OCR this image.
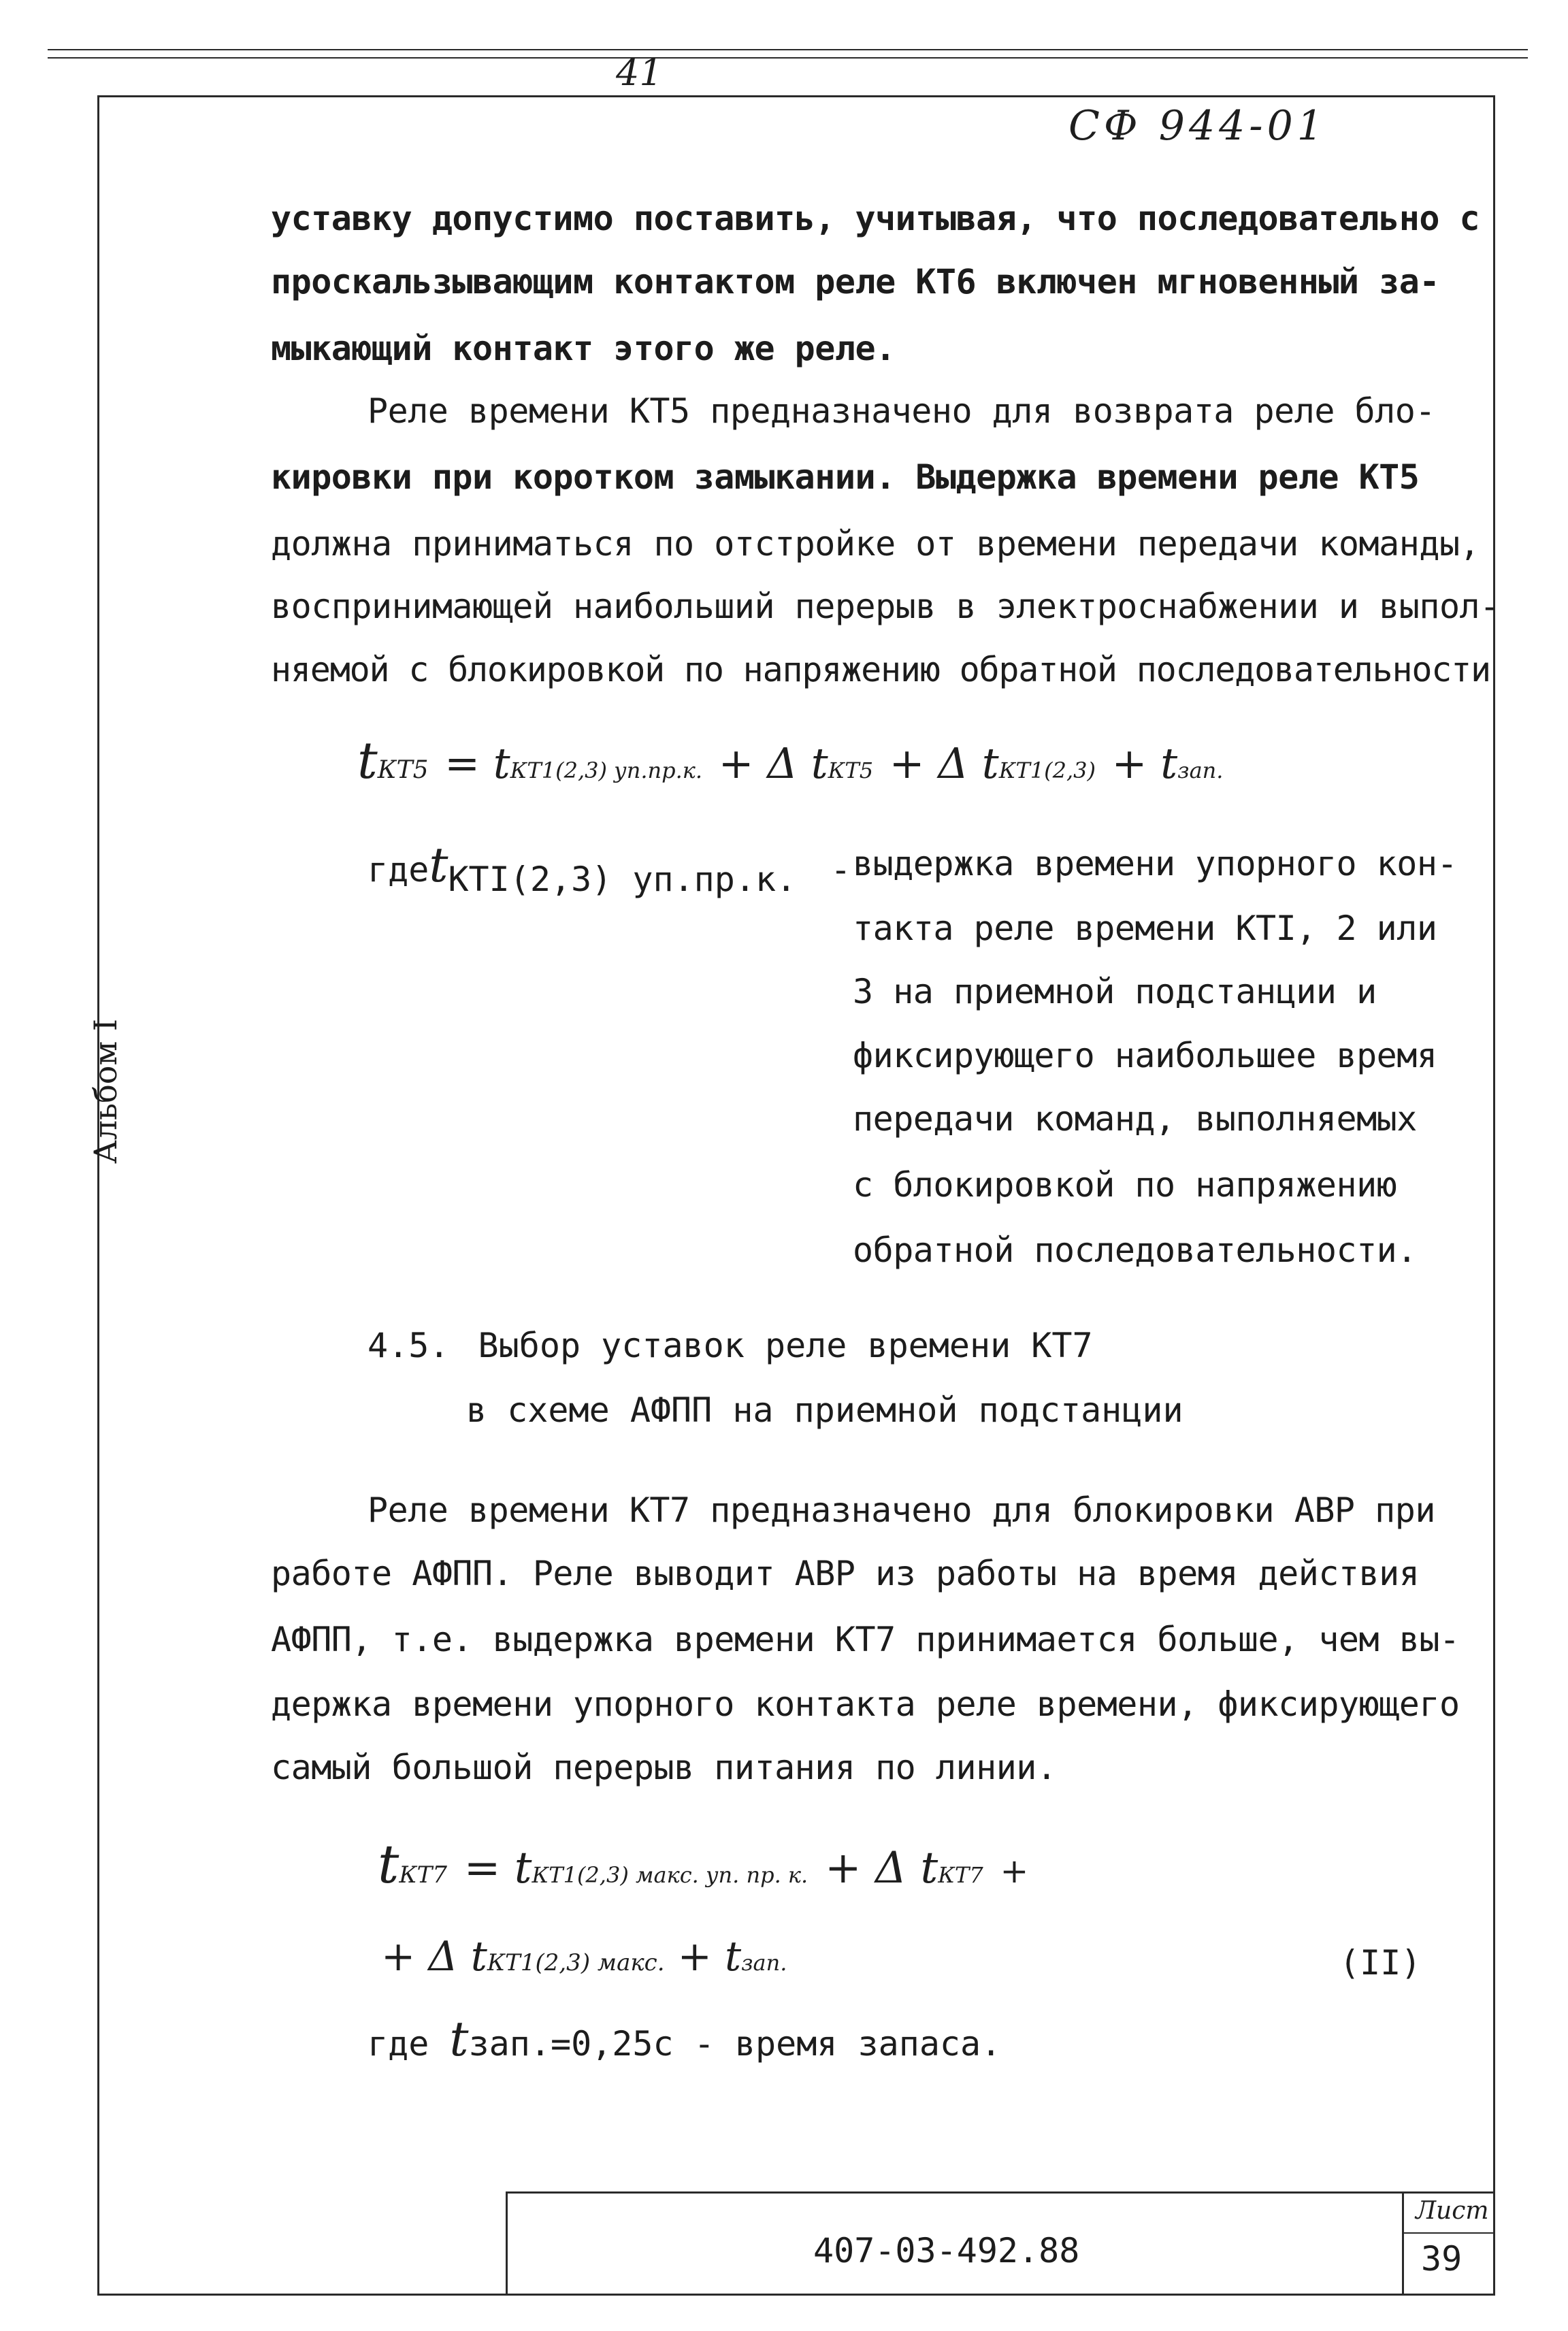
41
СФ 944-01
Альбом I
уставку допустимо поставить, учитывая, что последовательно с
проскальзывающим контактом реле КТ6 включен мгновенный за-
мыкающий контакт этого же реле.
Реле времени КТ5 предназначено для возврата реле бло-
кировки при коротком замыкании. Выдержка времени реле КТ5
должна приниматься по отстройке от времени передачи команды,
воспринимающей наибольший перерыв в электроснабжении и выпол-
няемой с блокировкой по напряжению обратной последовательности
tКТ5 = tКТ1(2,3) уп.пр.к. + Δ tКТ5 + Δ tКТ1(2,3) + tзап.
гдеtКТI(2,3) уп.пр.к. - выдержка времени упорного кон-
такта реле времени КТI, 2 или
3 на приемной подстанции и
фиксирующего наибольшее время
передачи команд, выполняемых
с блокировкой по напряжению
обратной последовательности.
4.5. Выбор уставок реле времени КТ7
в схеме АФПП на приемной подстанции
Реле времени КТ7 предназначено для блокировки АВР при
работе АФПП. Реле выводит АВР из работы на время действия
АФПП, т.е. выдержка времени КТ7 принимается больше, чем вы-
держка времени упорного контакта реле времени, фиксирующего
самый большой перерыв питания по линии.
tКТ7 = tКТ1(2,3) макс. уп. пр. к. + Δ tКТ7 +
+ Δ tКТ1(2,3) макс. + tзап.	(II)
где tзап.=0,25с - время запаса.
407-03-492.88
Лист
39
